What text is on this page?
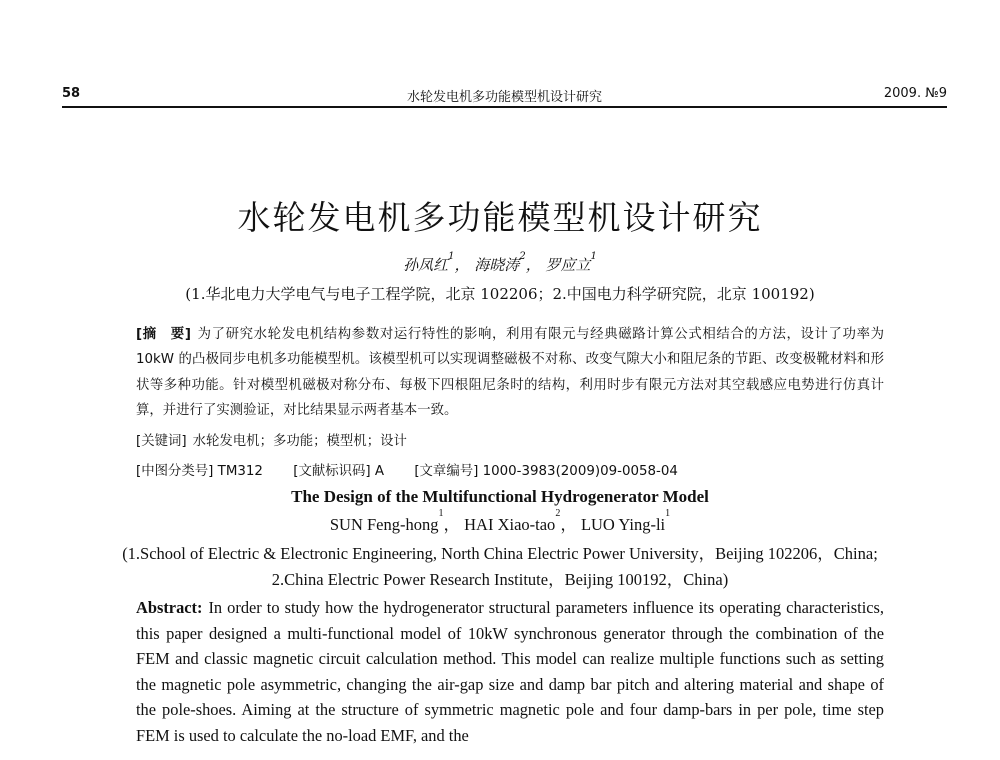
58	水轮发电机多功能模型机设计研究	2009. №9
水轮发电机多功能模型机设计研究
孙凤红$^1$， 海晓涛$^2$， 罗应立$^1$
(1.华北电力大学电气与电子工程学院，北京 102206；2.中国电力科学研究院，北京 100192)
[摘　要] 为了研究水轮发电机结构参数对运行特性的影响，利用有限元与经典磁路计算公式相结合的方法，设计了功率为 10kW 的凸极同步电机多功能模型机。该模型机可以实现调整磁极不对称、改变气隙大小和阻尼条的节距、改变极靴材料和形状等多种功能。针对模型机磁极对称分布、每极下四根阻尼条时的结构，利用时步有限元方法对其空载感应电势进行仿真计算，并进行了实测验证，对比结果显示两者基本一致。
[关键词] 水轮发电机；多功能；模型机；设计
[中图分类号] TM312 [文献标识码] A [文章编号] 1000-3983(2009)09-0058-04
The Design of the Multifunctional Hydrogenerator Model
SUN Feng-hong$^1$， HAI Xiao-tao$^2$， LUO Ying-$li^1$
(1.School of Electric & Electronic Engineering, North China Electric Power University，Beijing 102206，China;
2.China Electric Power Research Institute，Beijing 100192，China)
Abstract: In order to study how the hydrogenerator structural parameters influence its operating characteristics, this paper designed a multi-functional model of 10kW synchronous generator through the combination of the FEM and classic magnetic circuit calculation method. This model can realize multiple functions such as setting the magnetic pole asymmetric, changing the air-gap size and damp bar pitch and altering material and shape of the pole-shoes. Aiming at the structure of symmetric magnetic pole and four damp-bars in per pole, time step FEM is used to calculate the no-load EMF, and the
